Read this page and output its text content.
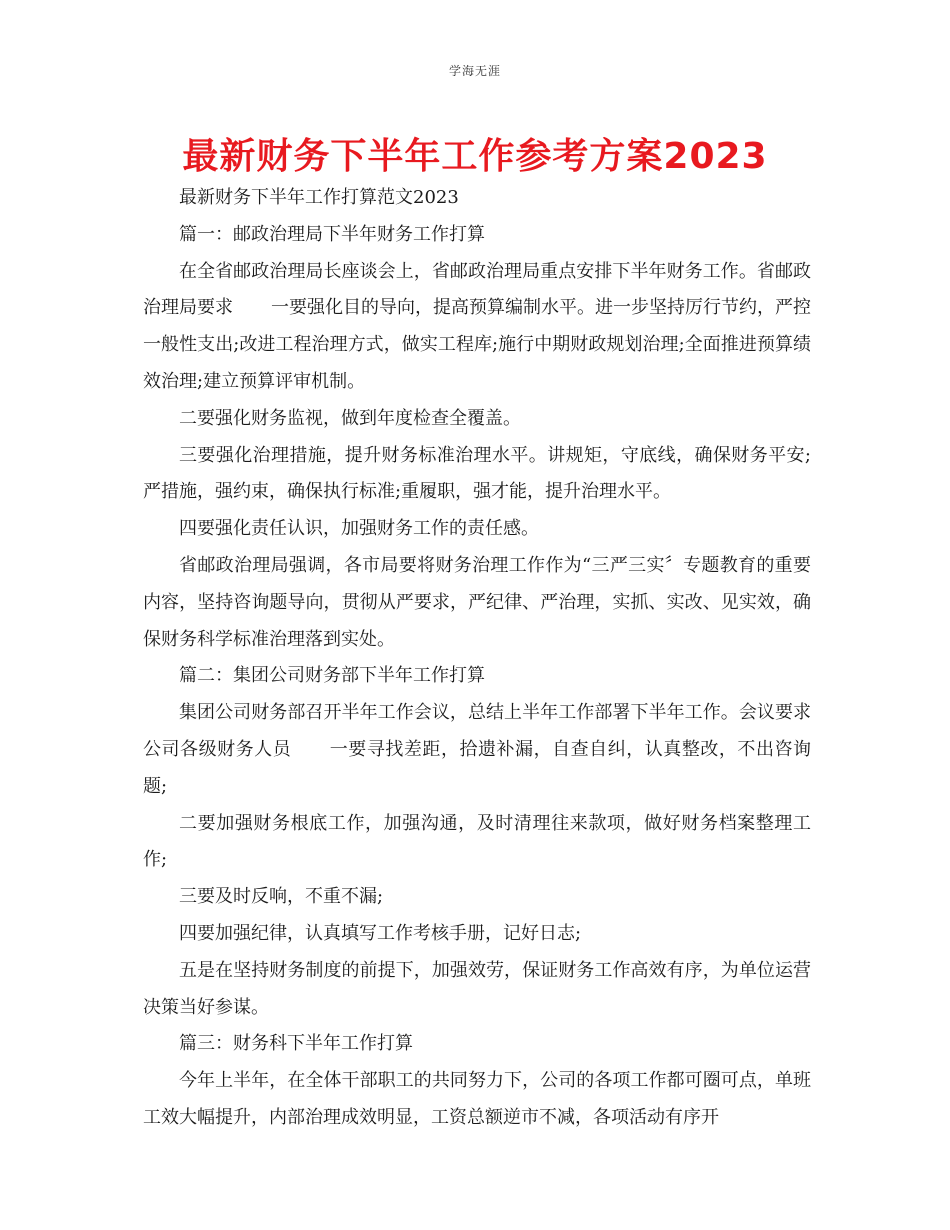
学海无涯
最新财务下半年工作参考方案2023

最新财务下半年工作打算范文2023

篇一：邮政治理局下半年财务工作打算

在全省邮政治理局长座谈会上，省邮政治理局重点安排下半年财务工作。省邮政治理局要求 一要强化目的导向，提高预算编制水平。进一步坚持厉行节约，严控一般性支出;改进工程治理方式，做实工程库;施行中期财政规划治理;全面推进预算绩效治理;建立预算评审机制。

二要强化财务监视，做到年度检查全覆盖。

三要强化治理措施，提升财务标准治理水平。讲规矩，守底线，确保财务平安;严措施，强约束，确保执行标准;重履职，强才能，提升治理水平。

四要强化责任认识，加强财务工作的责任感。

省邮政治理局强调，各市局要将财务治理工作作为“三严三实〞专题教育的重要内容，坚持咨询题导向，贯彻从严要求，严纪律、严治理，实抓、实改、见实效，确保财务科学标准治理落到实处。

篇二：集团公司财务部下半年工作打算

集团公司财务部召开半年工作会议，总结上半年工作部署下半年工作。会议要求公司各级财务人员 一要寻找差距，拾遗补漏，自查自纠，认真整改，不出咨询题;

二要加强财务根底工作，加强沟通，及时清理往来款项，做好财务档案整理工作;

三要及时反响，不重不漏;

四要加强纪律，认真填写工作考核手册，记好日志;

五是在坚持财务制度的前提下，加强效劳，保证财务工作高效有序，为单位运营决策当好参谋。

篇三：财务科下半年工作打算

今年上半年，在全体干部职工的共同努力下，公司的各项工作都可圈可点，单班工效大幅提升，内部治理成效明显，工资总额逆市不减，各项活动有序开
